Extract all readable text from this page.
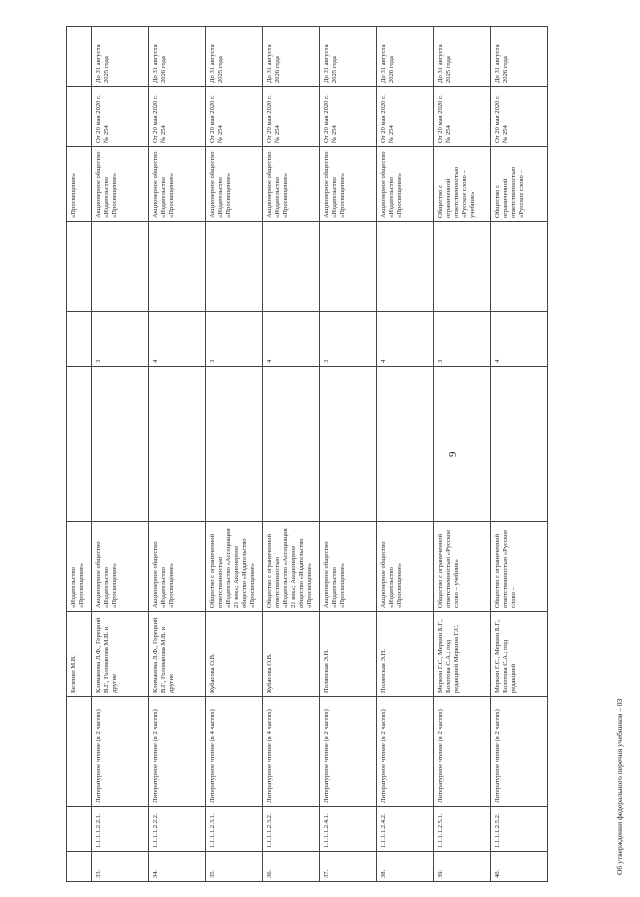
9
			Беленко М.В.	«Издательство «Просвещение»				«Просвещение»		
33.	1.1.1.1.2.2.1.	Литературное чтение (в 2 частях)	Климанова Л.Ф., Горецкий В.Г., Голованова М.В. и другие	Акционерное общество «Издательство «Просвещение»		3		Акционерное общество «Издательство «Просвещение»	От 20 мая 2020 г. № 254	До 31 августа 2025 года
34.	1.1.1.1.2.2.2.	Литературное чтение (в 2 частях)	Климанова Л.Ф., Горецкий В.Г., Голованова М.В. и другие	Акционерное общество «Издательство «Просвещение»		4		Акционерное общество «Издательство «Просвещение»	От 20 мая 2020 г. № 254	До 31 августа 2026 года
35.	1.1.1.1.2.3.1.	Литературное чтение (в 4 частях)	Кубасова О.В.	Общество с ограниченной ответственностью «Издательство «Ассоциация 21 век»; Акционерное общество «Издательство «Просвещение»		3		Акционерное общество «Издательство «Просвещение»	От 20 мая 2020 г. № 254	До 31 августа 2025 года
36.	1.1.1.1.2.3.2.	Литературное чтение (в 4 частях)	Кубасова О.В.	Общество с ограниченной ответственностью «Издательство «Ассоциация 21 век»; Акционерное общество «Издательство «Просвещение»		4		Акционерное общество «Издательство «Просвещение»	От 20 мая 2020 г. № 254	До 31 августа 2026 года
37.	1.1.1.1.2.4.1.	Литературное чтение (в 2 частях)	Полянская Э.Н.	Акционерное общество «Издательство «Просвещение»		3		Акционерное общество «Издательство «Просвещение»	От 20 мая 2020 г. № 254	До 31 августа 2025 года
38.	1.1.1.1.2.4.2.	Литературное чтение (в 2 частях)	Полянская Э.Н.	Акционерное общество «Издательство «Просвещение»		4		Акционерное общество «Издательство «Просвещение»	От 20 мая 2020 г. № 254	До 31 августа 2026 года
39.	1.1.1.1.2.5.1.	Литературное чтение (в 2 частях)	Меркин Г.С., Меркин Б.Г., Болотова С.А.; под редакцией Меркина Г.С.	Общество с ограниченной ответственностью «Русское слово – учебник»		3		Общество с ограниченной ответственностью «Русское слово – учебник»	От 20 мая 2020 г. № 254	До 31 августа 2025 года
40.	1.1.1.1.2.5.2.	Литературное чтение (в 2 частях)	Меркин Г.С., Меркин Б.Г., Болотова С.А.; под редакцией	Общество с ограниченной ответственностью «Русское слово –		4		Общество с ограниченной ответственностью «Русское слово –	От 20 мая 2020 г. № 254	До 31 августа 2026 года
Об утверждении федерального перечня учебников – 03
